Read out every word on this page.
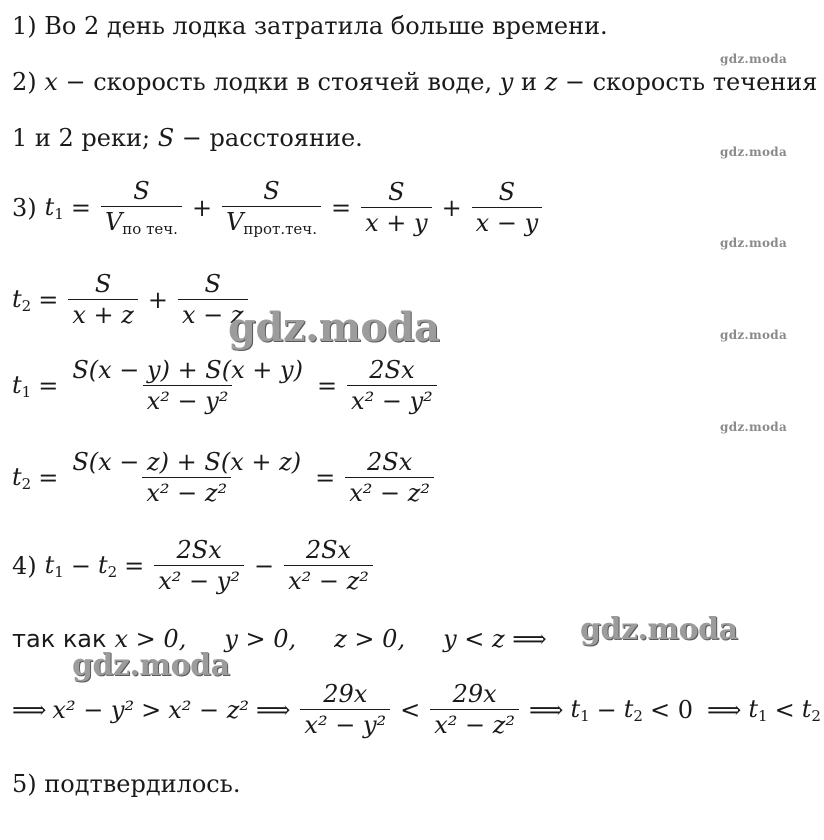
1) Во 2 день лодка затратила больше времени.
gdz.moda
2) x − скорость лодки в стоячей воде, y и z − скорость течения
1 и 2 реки; S − расстояние.	gdz.moda
3) $t_1 = \frac{S}{V_{по теч.}} + \frac{S}{V_{прот.теч.}} = \frac{S}{x + y} + \frac{S}{x - y}$
gdz.moda
$t_2 = \frac{S}{x + z} + \frac{S}{x - z}$
gdz.moda	gdz.moda
$t_1 = \frac{S(x - y) + S(x + y)}{\text{x² − y²}} = \frac{2Sx}{\text{x² − y²}}$
gdz.moda
$t_2 = \frac{S(x - z) + S(x + z)}{\text{x² − z²}} = \frac{2Sx}{\text{x² − z²}}$
4) $t_1 - t_2 = \frac{2Sx}{\text{x² − y²}} - \frac{2Sx}{\text{x² − z²}}$
так как x > 0, y > 0, z > 0, y < z ⟹ gdz.moda
gdz.moda
⟹ x² − y² > x² − z² ⟹ $\frac{29x}{\text{x² − y²}} < \frac{29x}{\text{x² − z²}}$ ⟹ $t_1 - t_2 < 0$ ⟹ $t_1 < t_2$
5) подтвердилось.
